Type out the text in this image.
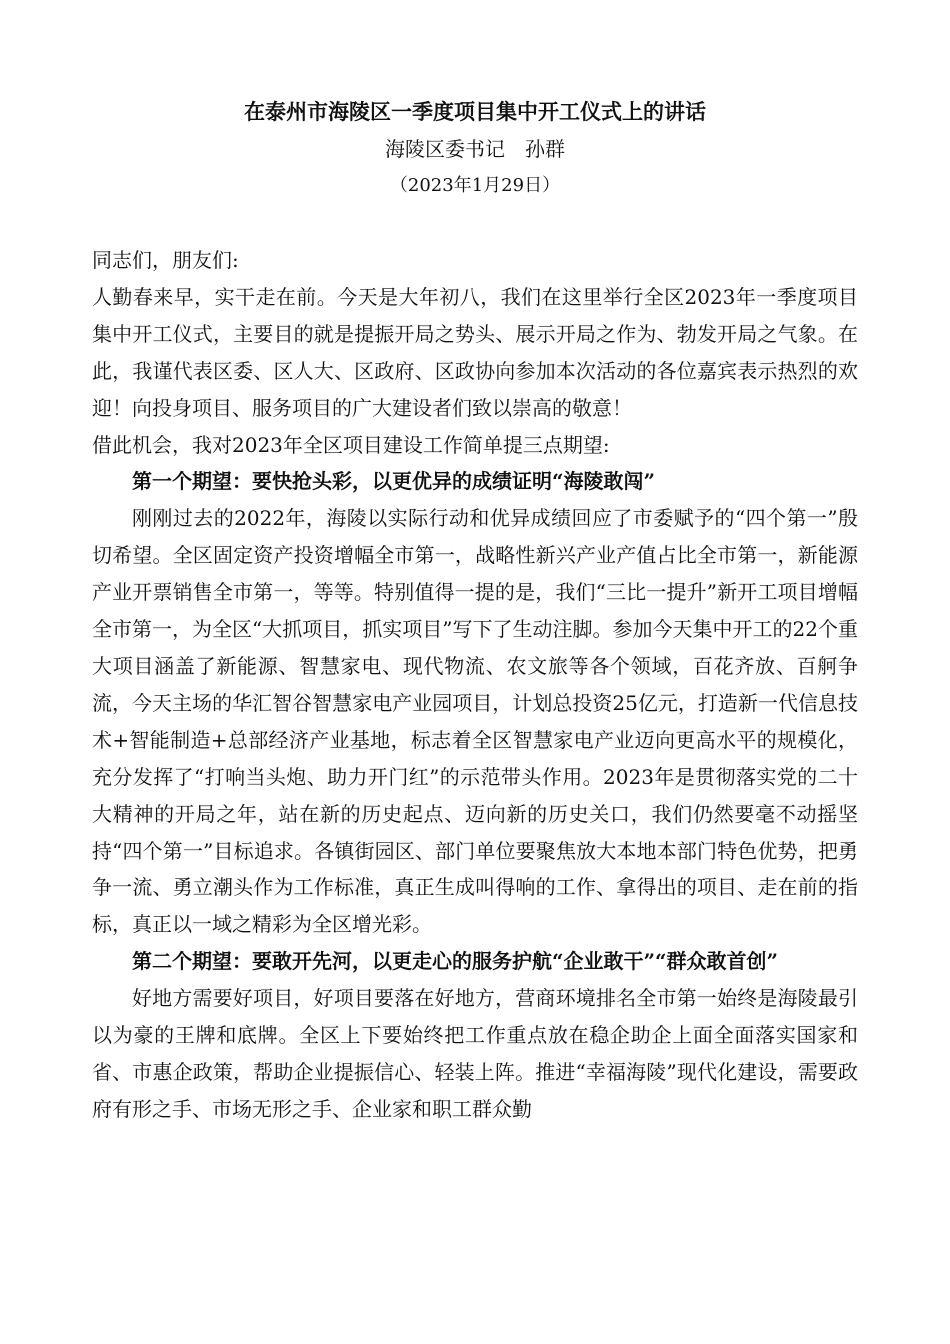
在泰州市海陵区一季度项目集中开工仪式上的讲话
海陵区委书记　孙群
（2023年1月29日）

同志们，朋友们:

人勤春来早，实干走在前。今天是大年初八，我们在这里举行全区2023年一季度项目集中开工仪式，主要目的就是提振开局之势头、展示开局之作为、勃发开局之气象。在此，我谨代表区委、区人大、区政府、区政协向参加本次活动的各位嘉宾表示热烈的欢迎！向投身项目、服务项目的广大建设者们致以崇高的敬意！

借此机会，我对2023年全区项目建设工作简单提三点期望:

第一个期望：要快抢头彩，以更优异的成绩证明“海陵敢闯”

刚刚过去的2022年，海陵以实际行动和优异成绩回应了市委赋予的“四个第一”殷切希望。全区固定资产投资增幅全市第一，战略性新兴产业产值占比全市第一，新能源产业开票销售全市第一，等等。特别值得一提的是，我们“三比一提升”新开工项目增幅全市第一，为全区“大抓项目，抓实项目”写下了生动注脚。参加今天集中开工的22个重大项目涵盖了新能源、智慧家电、现代物流、农文旅等各个领域，百花齐放、百舸争流，今天主场的华汇智谷智慧家电产业园项目，计划总投资25亿元，打造新一代信息技术+智能制造+总部经济产业基地，标志着全区智慧家电产业迈向更高水平的规模化，充分发挥了“打响当头炮、助力开门红”的示范带头作用。2023年是贯彻落实党的二十大精神的开局之年，站在新的历史起点、迈向新的历史关口，我们仍然要毫不动摇坚持“四个第一”目标追求。各镇街园区、部门单位要聚焦放大本地本部门特色优势，把勇争一流、勇立潮头作为工作标准，真正生成叫得响的工作、拿得出的项目、走在前的指标，真正以一域之精彩为全区增光彩。

第二个期望：要敢开先河，以更走心的服务护航“企业敢干”“群众敢首创”

好地方需要好项目，好项目要落在好地方，营商环境排名全市第一始终是海陵最引以为豪的王牌和底牌。全区上下要始终把工作重点放在稳企助企上面全面落实国家和省、市惠企政策，帮助企业提振信心、轻装上阵。推进“幸福海陵”现代化建设，需要政府有形之手、市场无形之手、企业家和职工群众勤
